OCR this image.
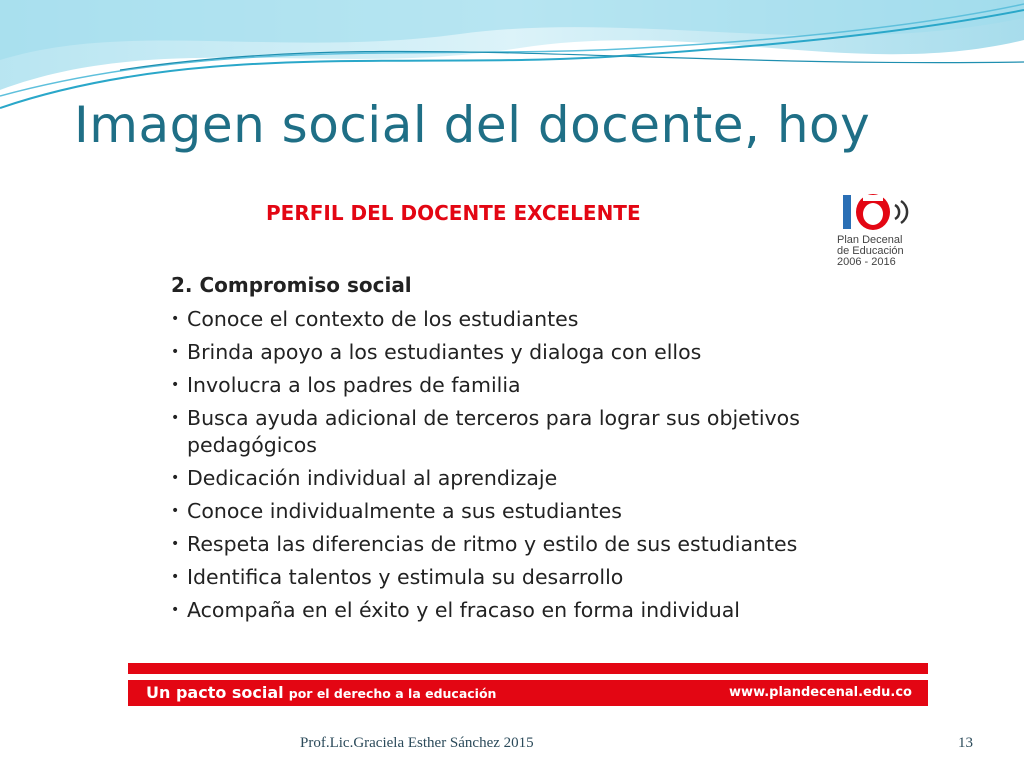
Imagen social del docente, hoy
PERFIL DEL DOCENTE EXCELENTE
Plan Decenal
de Educación
2006 - 2016
2. Compromiso social
• Conoce el contexto de los estudiantes
• Brinda apoyo a los estudiantes y dialoga con ellos
• Involucra a los padres de familia
• Busca ayuda adicional de terceros para lograr sus objetivos pedagógicos
• Dedicación individual al aprendizaje
• Conoce individualmente a sus estudiantes
• Respeta las diferencias de ritmo y estilo de sus estudiantes
• Identifica talentos y estimula su desarrollo
• Acompaña en el éxito y el fracaso en forma individual
Un pacto social por el derecho a la educación	www.plandecenal.edu.co
Prof.Lic.Graciela Esther Sánchez 2015	13
